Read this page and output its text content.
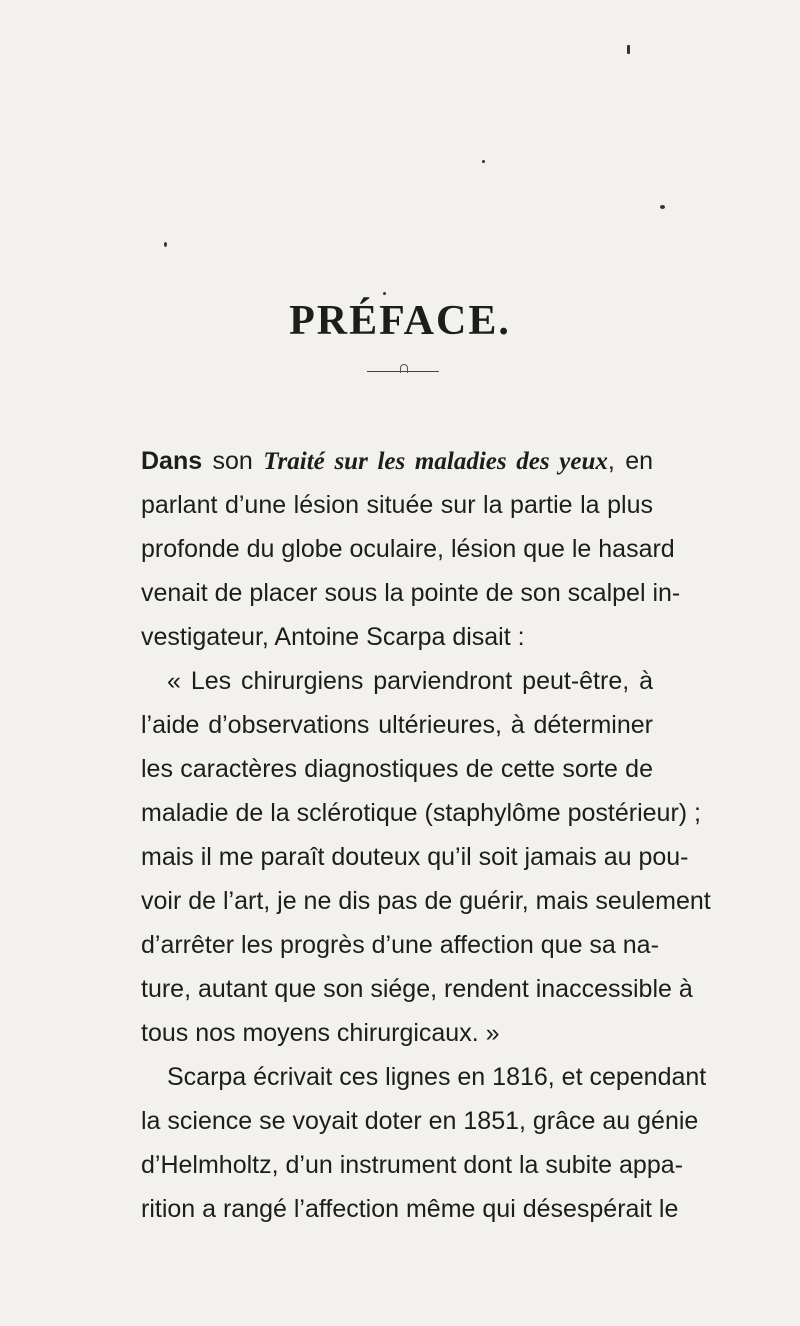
PRÉFACE.
Dans son Traité sur les maladies des yeux, en
parlant d’une lésion située sur la partie la plus
profonde du globe oculaire, lésion que le hasard
venait de placer sous la pointe de son scalpel in-
vestigateur, Antoine Scarpa disait :
« Les chirurgiens parviendront peut-être, à
l’aide d’observations ultérieures, à déterminer
les caractères diagnostiques de cette sorte de
maladie de la sclérotique (staphylôme postérieur) ;
mais il me paraît douteux qu’il soit jamais au pou-
voir de l’art, je ne dis pas de guérir, mais seulement
d’arrêter les progrès d’une affection que sa na-
ture, autant que son siége, rendent inaccessible à
tous nos moyens chirurgicaux. »
Scarpa écrivait ces lignes en 1816, et cependant
la science se voyait doter en 1851, grâce au génie
d’Helmholtz, d’un instrument dont la subite appa-
rition a rangé l’affection même qui désespérait le
